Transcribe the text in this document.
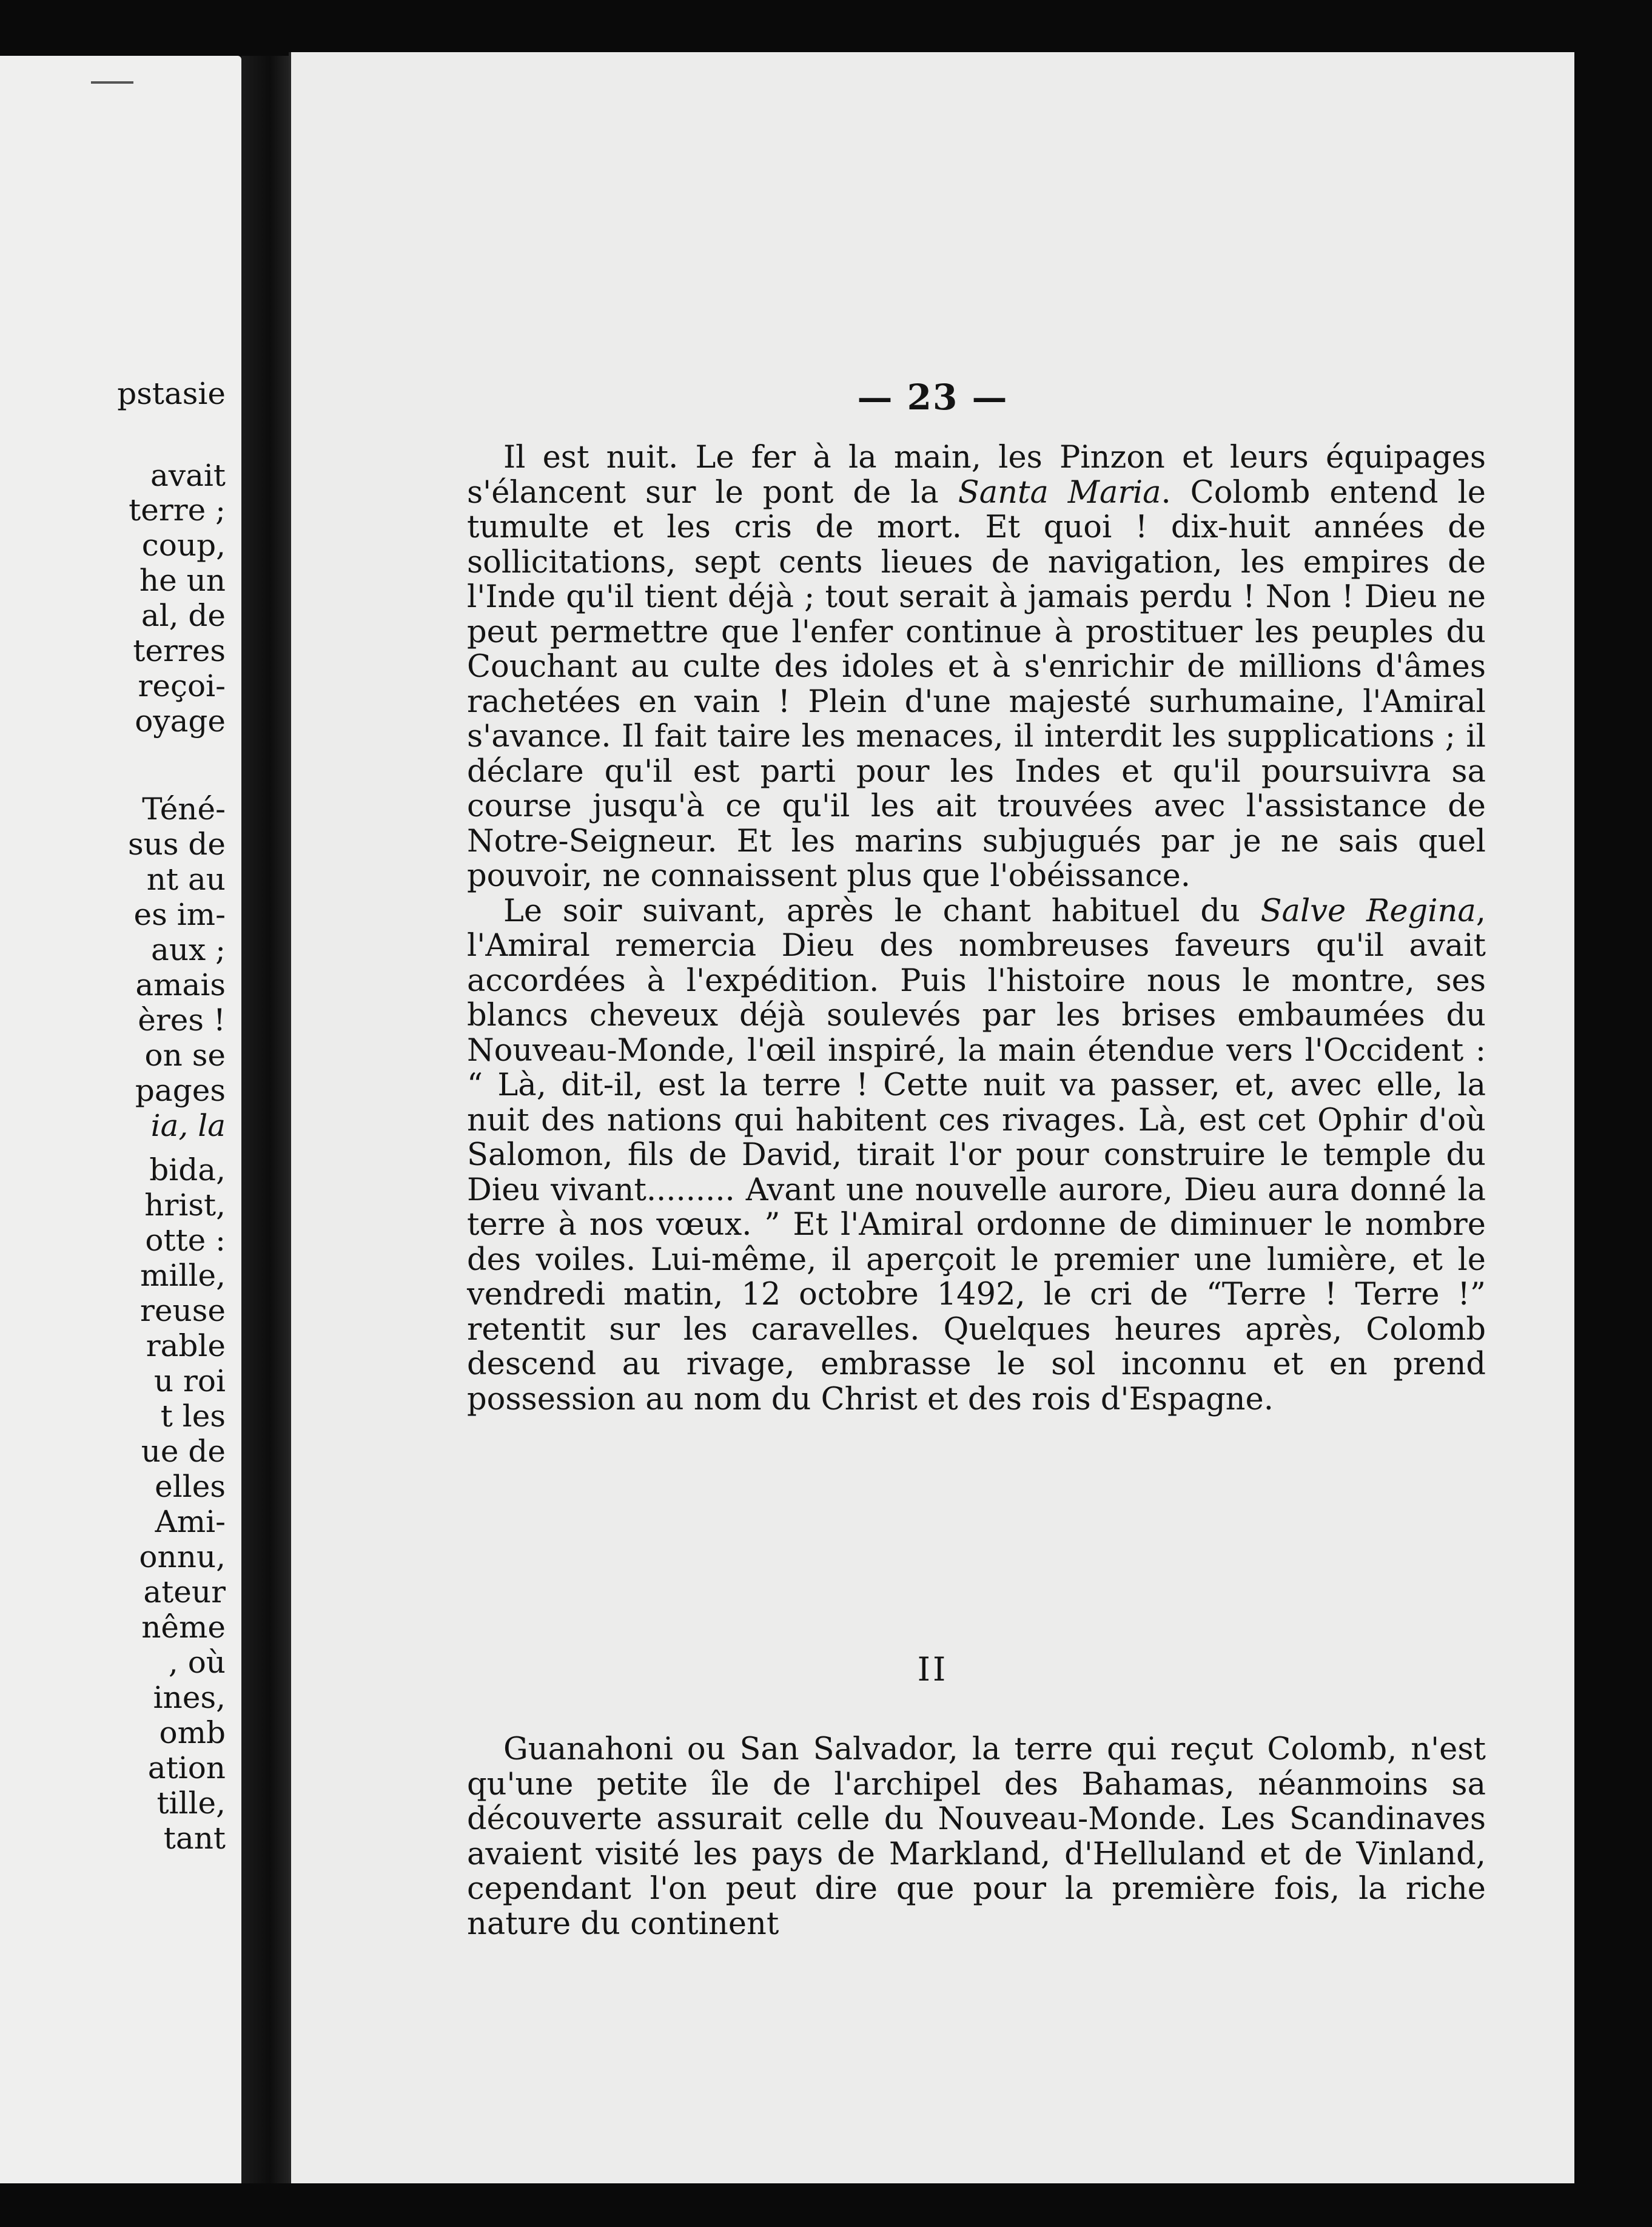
pstasie
avait
terre ;
coup,
he un
al, de
terres
reçoi-
oyage
Téné-
sus de
nt au
es im-
aux ;
amais
ères !
on se
pages
ia, la
bida,
hrist,
otte :
mille,
reuse
rable
u roi
t les
ue de
elles
Ami-
onnu,
ateur
nême
, où
ines,
omb
ation
tille,
tant
— 23 —

Il est nuit. Le fer à la main, les Pinzon et leurs équipages s'élancent sur le pont de la Santa Maria. Colomb entend le tumulte et les cris de mort. Et quoi ! dix-huit années de sollicitations, sept cents lieues de navigation, les empires de l'Inde qu'il tient déjà ; tout serait à jamais perdu ! Non ! Dieu ne peut permettre que l'enfer continue à prostituer les peuples du Couchant au culte des idoles et à s'enrichir de millions d'âmes rachetées en vain ! Plein d'une majesté surhumaine, l'Amiral s'avance. Il fait taire les menaces, il interdit les supplications ; il déclare qu'il est parti pour les Indes et qu'il poursuivra sa course jusqu'à ce qu'il les ait trouvées avec l'assistance de Notre-Seigneur. Et les marins subjugués par je ne sais quel pouvoir, ne connaissent plus que l'obéissance.

Le soir suivant, après le chant habituel du Salve Regina, l'Amiral remercia Dieu des nombreuses faveurs qu'il avait accordées à l'expédition. Puis l'histoire nous le montre, ses blancs cheveux déjà soulevés par les brises embaumées du Nouveau-Monde, l'œil inspiré, la main étendue vers l'Occident : “ Là, dit-il, est la terre ! Cette nuit va passer, et, avec elle, la nuit des nations qui habitent ces rivages. Là, est cet Ophir d'où Salomon, fils de David, tirait l'or pour construire le temple du Dieu vivant......... Avant une nouvelle aurore, Dieu aura donné la terre à nos vœux. ” Et l'Amiral ordonne de diminuer le nombre des voiles. Lui-même, il aperçoit le premier une lumière, et le vendredi matin, 12 octobre 1492, le cri de “Terre ! Terre !” retentit sur les caravelles. Quelques heures après, Colomb descend au rivage, embrasse le sol inconnu et en prend possession au nom du Christ et des rois d'Espagne.

II

Guanahoni ou San Salvador, la terre qui reçut Colomb, n'est qu'une petite île de l'archipel des Bahamas, néanmoins sa découverte assurait celle du Nouveau-Monde. Les Scandinaves avaient visité les pays de Markland, d'Helluland et de Vinland, cependant l'on peut dire que pour la première fois, la riche nature du continent
